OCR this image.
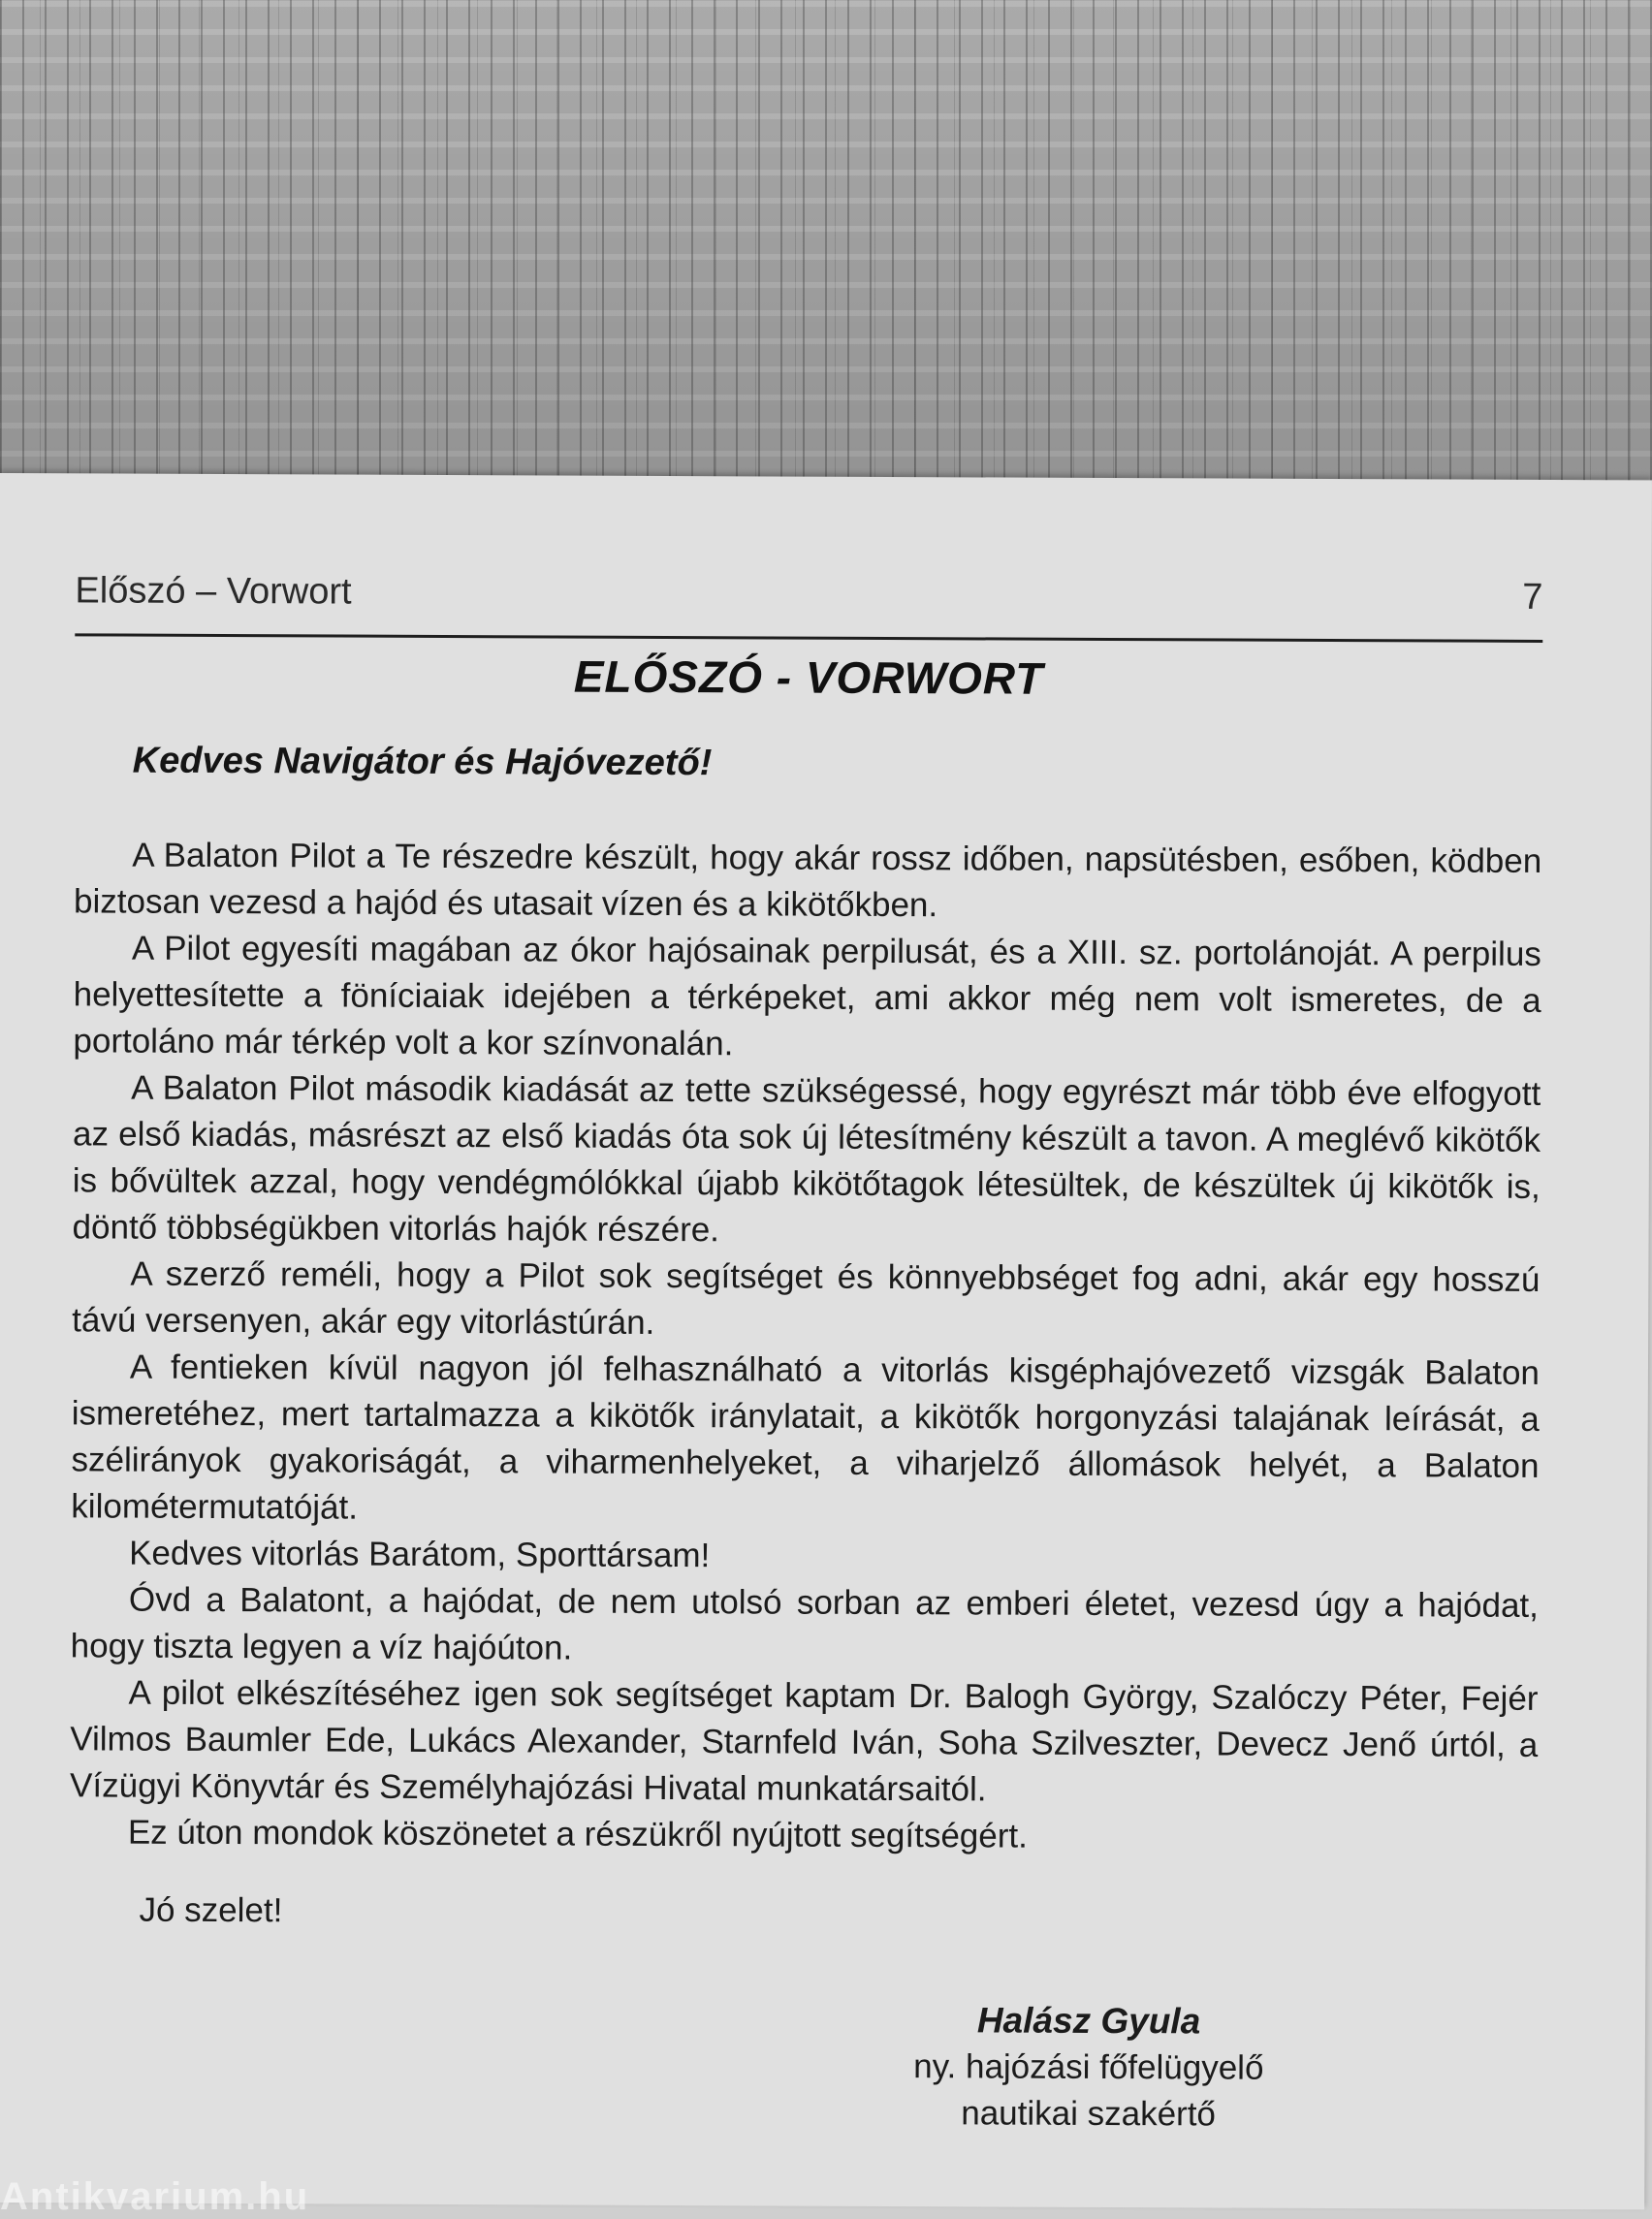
Előszó – Vorwort	7
ELŐSZÓ - VORWORT
Kedves Navigátor és Hajóvezető!

A Balaton Pilot a Te részedre készült, hogy akár rossz időben, napsütésben, esőben, ködben biztosan vezesd a hajód és utasait vízen és a kikötőkben.

A Pilot egyesíti magában az ókor hajósainak perpilusát, és a XIII. sz. portolánoját. A perpilus helyettesítette a föníciaiak idejében a térképeket, ami akkor még nem volt ismeretes, de a portoláno már térkép volt a kor színvonalán.

A Balaton Pilot második kiadását az tette szükségessé, hogy egyrészt már több éve elfogyott az első kiadás, másrészt az első kiadás óta sok új létesítmény készült a tavon. A meglévő kikötők is bővültek azzal, hogy vendégmólókkal újabb kikötőtagok létesültek, de készültek új kikötők is, döntő többségükben vitorlás hajók részére.

A szerző reméli, hogy a Pilot sok segítséget és könnyebbséget fog adni, akár egy hosszú távú versenyen, akár egy vitorlástúrán.

A fentieken kívül nagyon jól felhasználható a vitorlás kisgéphajóvezető vizsgák Balaton ismeretéhez, mert tartalmazza a kikötők iránylatait, a kikötők horgonyzási talajának leírását, a szélirányok gyakoriságát, a viharmenhelyeket, a viharjelző állomások helyét, a Balaton kilométermutatóját.

Kedves vitorlás Barátom, Sporttársam!

Óvd a Balatont, a hajódat, de nem utolsó sorban az emberi életet, vezesd úgy a hajódat, hogy tiszta legyen a víz hajóúton.

A pilot elkészítéséhez igen sok segítséget kaptam Dr. Balogh György, Szalóczy Péter, Fejér Vilmos Baumler Ede, Lukács Alexander, Starnfeld Iván, Soha Szilveszter, Devecz Jenő úrtól, a Vízügyi Könyvtár és Személyhajózási Hivatal munkatársaitól.

Ez úton mondok köszönetet a részükről nyújtott segítségért.

Jó szelet!
Halász Gyula
ny. hajózási főfelügyelő
nautikai szakértő
Antikvarium.hu
